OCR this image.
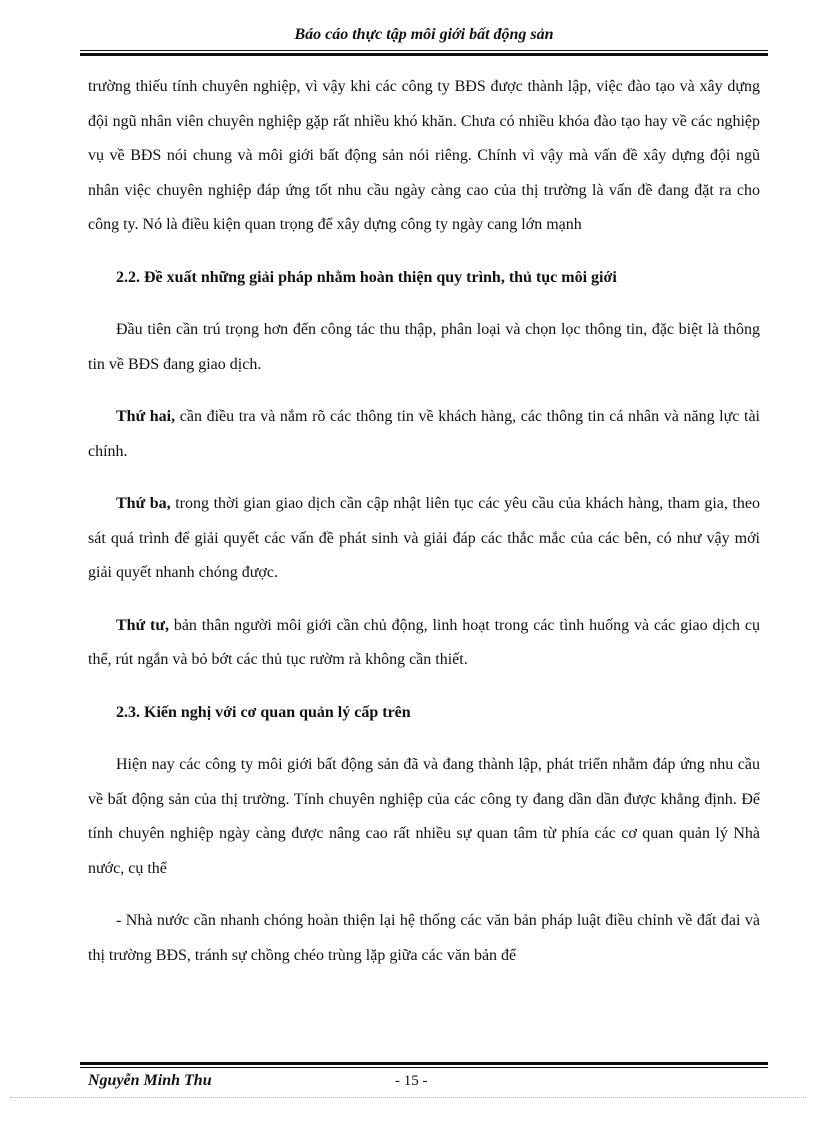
Báo cáo thực tập môi giới bất động sản

trường thiếu tính chuyên nghiệp, vì vậy khi các công ty BĐS được thành lập, việc đào tạo và xây dựng đội ngũ nhân viên chuyên nghiệp gặp rất nhiều khó khăn. Chưa có nhiều khóa đào tạo hay về các nghiệp vụ về BĐS nói chung và môi giới bất động sản nói riêng. Chính vì vậy mà vấn đề xây dựng đội ngũ nhân việc chuyên nghiệp đáp ứng tốt nhu cầu ngày càng cao của thị trường là vấn đề đang đặt ra cho công ty. Nó là điều kiện quan trọng để xây dựng công ty ngày cang lớn mạnh

2.2. Đề xuất những giải pháp nhằm hoàn thiện quy trình, thủ tục môi giới

Đầu tiên cần trú trọng hơn đến công tác thu thập, phân loại và chọn lọc thông tin, đặc biệt là thông tin về BĐS đang giao dịch.

Thứ hai, cần điều tra và nắm rõ các thông tin về khách hàng, các thông tin cá nhân và năng lực tài chính.

Thứ ba, trong thời gian giao dịch cần cập nhật liên tục các yêu cầu của khách hàng, tham gia, theo sát quá trình để giải quyết các vấn đề phát sinh và giải đáp các thắc mắc của các bên, có như vậy mới giải quyết nhanh chóng được.

Thứ tư, bản thân người môi giới cần chủ động, linh hoạt trong các tình huống và các giao dịch cụ thể, rút ngắn và bỏ bớt các thủ tục rườm rà không cần thiết.

2.3. Kiến nghị với cơ quan quản lý cấp trên

Hiện nay các công ty môi giới bất động sản đã và đang thành lập, phát triển nhằm đáp ứng nhu cầu về bất động sản của thị trường. Tính chuyên nghiệp của các công ty đang dần dần được khẳng định. Để tính chuyên nghiệp ngày càng được nâng cao rất nhiều sự quan tâm từ phía các cơ quan quản lý Nhà nước, cụ thể

- Nhà nước cần nhanh chóng hoàn thiện lại hệ thống các văn bản pháp luật điều chỉnh về đất đai và thị trường BĐS, tránh sự chồng chéo trùng lặp giữa các văn bản để

Nguyễn Minh Thu	- 15 -
